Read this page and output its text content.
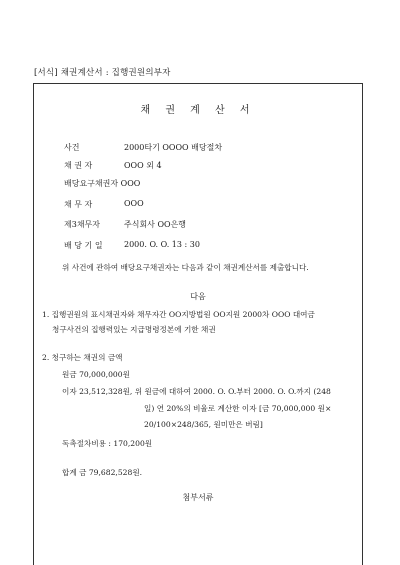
[서식] 채권계산서 : 집행권원의부자
채 권 계 산 서
사건	2000타기 OOOO 배당절차
채 권 자	OOO 외 4
배당요구채권자 OOO
채 무 자	OOO
제3채무자	주식회사 OO은행
배 당 기 일	2000. O. O. 13 : 30
위 사건에 관하여 배당요구채권자는 다음과 같이 채권계산서를 제출합니다.
다음
1. 집행권원의 표시채권자와 채무자간 OO지방법원 OO지원 2000차 OOO 대여금
청구사건의 집행력있는 지급명령정본에 기한 채권
2. 청구하는 채권의 금액
원금 70,000,000원
이자 23,512,328원, 위 원금에 대하여 2000. O. O.부터 2000. O. O.까지 (248
일) 연 20%의 비율로 계산한 이자 [금 70,000,000 원×
20/100×248/365, 원미만은 버림]
독촉절차비용 : 170,200원
합계 금 79,682,528원.
첨부서류
